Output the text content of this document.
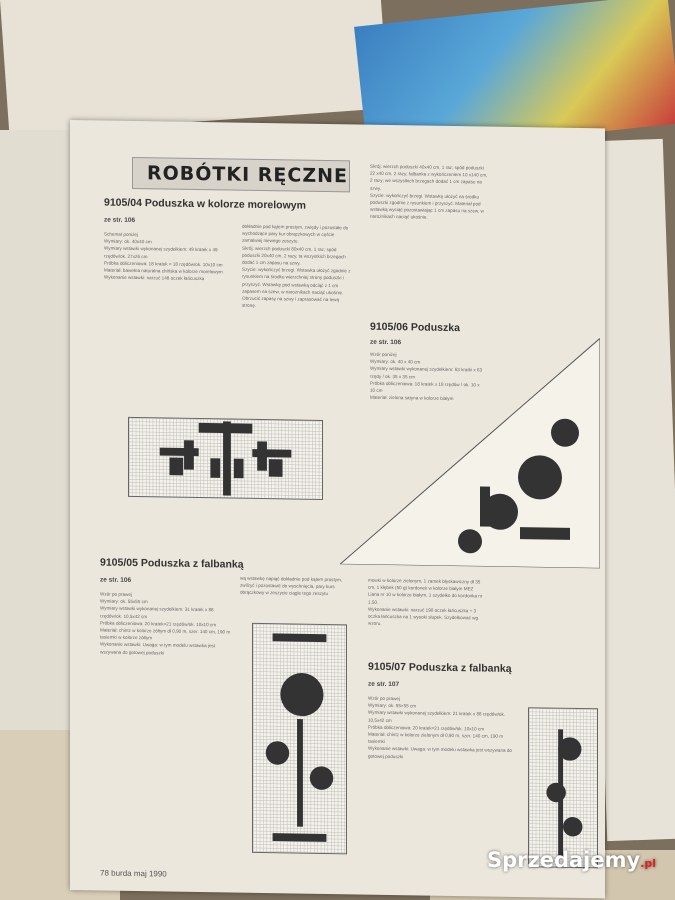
ROBÓTKI RĘCZNE
9105/04 Poduszka w kolorze morelowym
ze str. 106
Schemat poniżej
Wymiary: ok. 40x40 cm
Wymiary wstawki wykonanej szydełkiem: 49 kratek x 49 rzędów/ok. 27x26 cm
Próbka obliczeniowa: 18 kratek = 18 rzędów/ok. 10x10 cm
Materiał: bawełna naturalna chińska w kolorze morelowym
Wykonanie wstawki: narzuć 148 oczek łańcuszka
dokładnie pod kątem prostym, zwiędy i pozostałe do wychodzące pary kur obrączkowych w cęście zamalwiej niewego zeszytu.
Skrój: wierzch poduszki 80x40 cm, 1 raz; spód poduszki 20x40 cm, 2 razy, ta wszystkich brzegach dodać 1 cm zapasu na szwy.
Szycie: wykończyć brzegi. Wstawka ułożyć zgodnie z rysunkiem na środku wierzchniej strony poduszki i przyszyć. Wstawkę pod wstawką odciąć z 1 cm zapasem na szew, w narożnikach naciąć ukośnie. Obrzucić zapasy na szwy i zaprasować na lewą stronę.
Skrój: wierzch poduszki 40x40 cm, 1 raz; spód poduszki 22 x40 cm, 2 razy; falbanka z wykończeniem 10 x140 cm, 2 razy; we wszystkich brzegach dodać 1 cm zapasu na szwy.
Szycie: wykończyć brzegi. Wstawkę ułożyć na środku poduszki zgodnie z rysunkiem i przyszyć. Materiał pod wstawką wyciąć pozostawiając 1 cm zapasu na szew, w narożnikach naciąć ukośnie.
9105/06 Poduszka
ze str. 106
Wzór poniżej
Wymiary: ok. 40 x 40 cm
Wymiary wstawki wykonanej szydełkiem: 63 kratki x 63 rzędy / ok. 35 x 35 cm
Próbka obliczeniowa: 18 kratek x 18 rzędów / ok. 10 x 10 cm
Materiał: zielona satyna w kolorze białym
9105/05 Poduszka z falbanką
ze str. 106
Wzór po prawej
Wymiary: ok. 55x55 cm
Wymiary wstawki wykonanej szydełkiem: 31 kratek x 88 rzędów/ok. 10,5x42 cm
Próbka obliczeniowa: 20 kratek=21 rzędów/ok. 10x10 cm
Materiał: chintz w kolorze żółtym dł 0,90 m, szer. 140 cm, 190 m tasiemki w kolorze żółtym
Wykonanie wstawki: Uwaga: w tym modelu wstawka jest wszywana do gotowej poduszki
wą wstawkę napiąć dokładnie pod kątem prostym, zwilżyć i pozostawić do wyschnięcia, pary kurs obrączkowy w zeszycie ciągle tego zeszytu
mowki w kolorze zielonym, 1 zamek błyskawiczny dł 35 cm, 1 kłębek (50 g) kordonek w kolorze białym MEZ Liana nr 10 w kolorze białym, 1 szydełko do kordonka nr 1,50.
Wykonanie wstawki: narzuć 190 oczek łańcuszka + 3 oczka łańcuszka na 1 wysoki słupek. Szydełkować wg wzoru.
9105/07 Poduszka z falbanką
ze str. 107
Wzór po prawej
Wymiary: ok. 55×55 cm
Wymiary wstawki wykonanej szydełkiem: 21 kratek x 88 rzędów/ok. 10,5x42 cm
Próbka obliczeniowa: 20 kratek=21 rzędów/ok. 10x10 cm
Materiał: chintz w kolorze zielonym dł 0,90 m, szer. 140 cm, 190 m tasiemki
Wykonanie wstawki: Uwaga: w tym modelu wstawka jest wszywana do gotowej poduszki
78 burda maj 1990
Sprzedajemy.pl
